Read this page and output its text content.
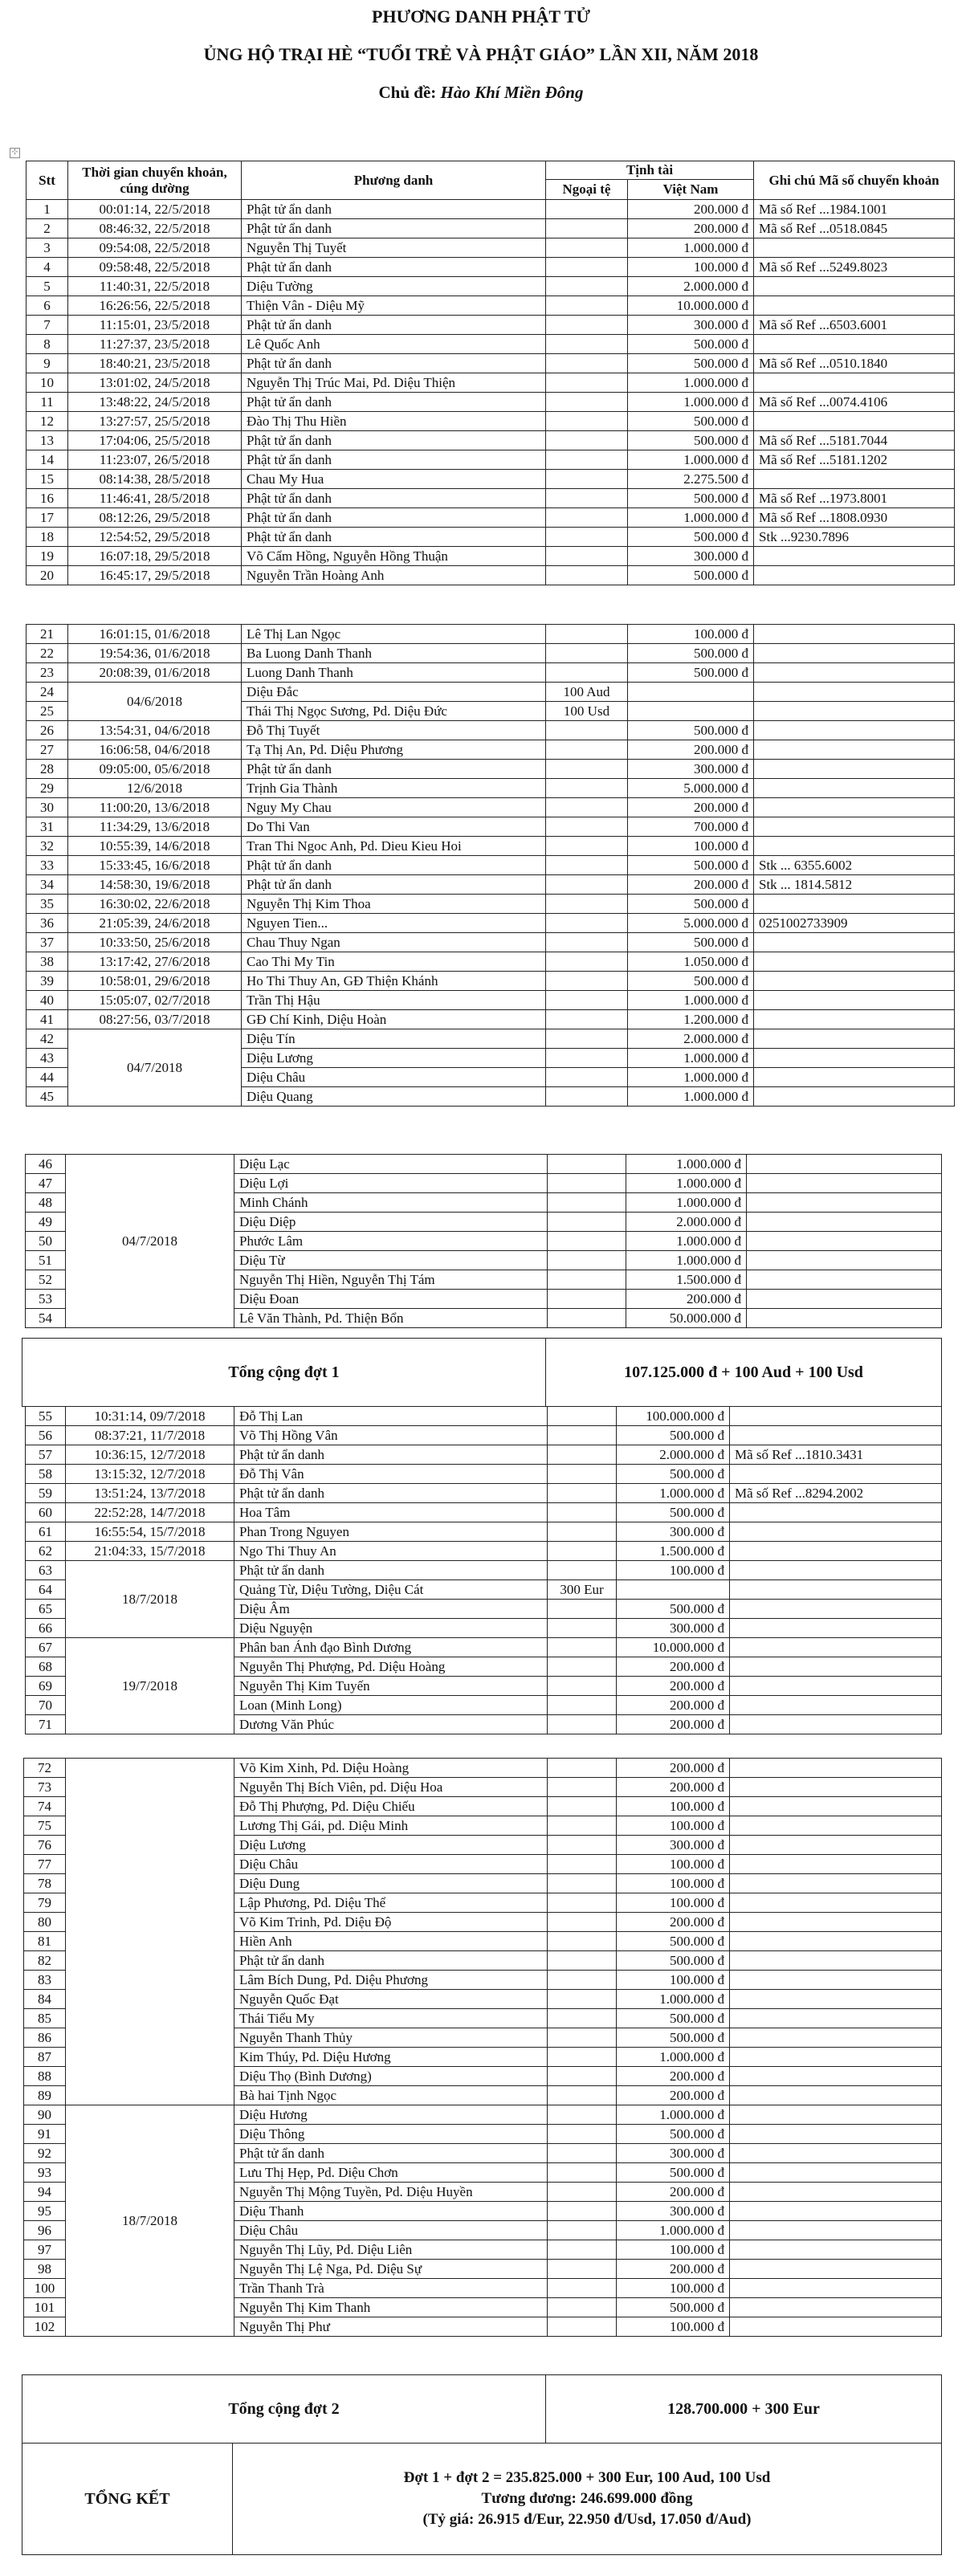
PHƯƠNG DANH PHẬT TỬ
ỦNG HỘ TRẠI HÈ “TUỔI TRẺ VÀ PHẬT GIÁO” LẦN XII, NĂM 2018
Chủ đề: Hào Khí Miền Đông
⊹
Stt	Thời gian chuyển khoản, cúng dường	Phương danh	Tịnh tài		Ghi chú Mã số chuyển khoản
			Ngoại tệ	Việt Nam	
1	00:01:14, 22/5/2018	Phật tử ẩn danh		200.000 đ	Mã số Ref ...1984.1001
2	08:46:32, 22/5/2018	Phật tử ẩn danh		200.000 đ	Mã số Ref ...0518.0845
3	09:54:08, 22/5/2018	Nguyễn Thị Tuyết		1.000.000 đ	
4	09:58:48, 22/5/2018	Phật tử ẩn danh		100.000 đ	Mã số Ref ...5249.8023
5	11:40:31, 22/5/2018	Diệu Tường		2.000.000 đ	
6	16:26:56, 22/5/2018	Thiện Vân - Diệu Mỹ		10.000.000 đ	
7	11:15:01, 23/5/2018	Phật tử ẩn danh		300.000 đ	Mã số Ref ...6503.6001
8	11:27:37, 23/5/2018	Lê Quốc Anh		500.000 đ	
9	18:40:21, 23/5/2018	Phật tử ẩn danh		500.000 đ	Mã số Ref ...0510.1840
10	13:01:02, 24/5/2018	Nguyễn Thị Trúc Mai, Pd. Diệu Thiện		1.000.000 đ	
11	13:48:22, 24/5/2018	Phật tử ẩn danh		1.000.000 đ	Mã số Ref ...0074.4106
12	13:27:57, 25/5/2018	Đào Thị Thu Hiền		500.000 đ	
13	17:04:06, 25/5/2018	Phật tử ẩn danh		500.000 đ	Mã số Ref ...5181.7044
14	11:23:07, 26/5/2018	Phật tử ẩn danh		1.000.000 đ	Mã số Ref ...5181.1202
15	08:14:38, 28/5/2018	Chau My Hua		2.275.500 đ	
16	11:46:41, 28/5/2018	Phật tử ẩn danh		500.000 đ	Mã số Ref ...1973.8001
17	08:12:26, 29/5/2018	Phật tử ẩn danh		1.000.000 đ	Mã số Ref ...1808.0930
18	12:54:52, 29/5/2018	Phật tử ẩn danh		500.000 đ	Stk ...9230.7896
19	16:07:18, 29/5/2018	Võ Cẩm Hồng, Nguyễn Hồng Thuận		300.000 đ	
20	16:45:17, 29/5/2018	Nguyễn Trần Hoàng Anh		500.000 đ	
21	16:01:15, 01/6/2018	Lê Thị Lan Ngọc		100.000 đ	
22	19:54:36, 01/6/2018	Ba Luong Danh Thanh		500.000 đ	
23	20:08:39, 01/6/2018	Luong Danh Thanh		500.000 đ	
24	04/6/2018	Diệu Đắc	100 Aud		
25		Thái Thị Ngọc Sương, Pd. Diệu Đức	100 Usd		
26	13:54:31, 04/6/2018	Đỗ Thị Tuyết		500.000 đ	
27	16:06:58, 04/6/2018	Tạ Thị An, Pd. Diệu Phương		200.000 đ	
28	09:05:00, 05/6/2018	Phật tử ẩn danh		300.000 đ	
29	12/6/2018	Trịnh Gia Thành		5.000.000 đ	
30	11:00:20, 13/6/2018	Nguy My Chau		200.000 đ	
31	11:34:29, 13/6/2018	Do Thi Van		700.000 đ	
32	10:55:39, 14/6/2018	Tran Thi Ngoc Anh, Pd. Dieu Kieu Hoi		100.000 đ	
33	15:33:45, 16/6/2018	Phật tử ẩn danh		500.000 đ	Stk ... 6355.6002
34	14:58:30, 19/6/2018	Phật tử ẩn danh		200.000 đ	Stk ... 1814.5812
35	16:30:02, 22/6/2018	Nguyễn Thị Kim Thoa		500.000 đ	
36	21:05:39, 24/6/2018	Nguyen Tien...		5.000.000 đ	0251002733909
37	10:33:50, 25/6/2018	Chau Thuy Ngan		500.000 đ	
38	13:17:42, 27/6/2018	Cao Thi My Tin		1.050.000 đ	
39	10:58:01, 29/6/2018	Ho Thi Thuy An, GĐ Thiện Khánh		500.000 đ	
40	15:05:07, 02/7/2018	Trần Thị Hậu		1.000.000 đ	
41	08:27:56, 03/7/2018	GĐ Chí Kinh, Diệu Hoàn		1.200.000 đ	
42	04/7/2018	Diệu Tín		2.000.000 đ	
43		Diệu Lương		1.000.000 đ	
44		Diệu Châu		1.000.000 đ	
45		Diệu Quang		1.000.000 đ	
46	04/7/2018	Diệu Lạc		1.000.000 đ	
47		Diệu Lợi		1.000.000 đ	
48		Minh Chánh		1.000.000 đ	
49		Diệu Diệp		2.000.000 đ	
50		Phước Lâm		1.000.000 đ	
51		Diệu Từ		1.000.000 đ	
52		Nguyễn Thị Hiền, Nguyễn Thị Tám		1.500.000 đ	
53		Diệu Đoan		200.000 đ	
54		Lê Văn Thành, Pd. Thiện Bổn		50.000.000 đ	
55	10:31:14, 09/7/2018	Đỗ Thị Lan		100.000.000 đ	
56	08:37:21, 11/7/2018	Võ Thị Hồng Vân		500.000 đ	
57	10:36:15, 12/7/2018	Phật tử ẩn danh		2.000.000 đ	Mã số Ref ...1810.3431
58	13:15:32, 12/7/2018	Đỗ Thị Vân		500.000 đ	
59	13:51:24, 13/7/2018	Phật tử ẩn danh		1.000.000 đ	Mã số Ref ...8294.2002
60	22:52:28, 14/7/2018	Hoa Tâm		500.000 đ	
61	16:55:54, 15/7/2018	Phan Trong Nguyen		300.000 đ	
62	21:04:33, 15/7/2018	Ngo Thi Thuy An		1.500.000 đ	
63	18/7/2018	Phật tử ẩn danh		100.000 đ	
64		Quảng Từ, Diệu Tường, Diệu Cát	300 Eur		
65		Diệu Âm		500.000 đ	
66		Diệu Nguyện		300.000 đ	
67	19/7/2018	Phân ban Ánh đạo Bình Dương		10.000.000 đ	
68		Nguyễn Thị Phượng, Pd. Diệu Hoàng		200.000 đ	
69		Nguyễn Thị Kim Tuyến		200.000 đ	
70		Loan (Minh Long)		200.000 đ	
71		Dương Văn Phúc		200.000 đ	
72		Võ Kim Xinh, Pd. Diệu Hoàng		200.000 đ	
73		Nguyễn Thị Bích Viên, pd. Diệu Hoa		200.000 đ	
74		Đỗ Thị Phượng, Pd. Diệu Chiếu		100.000 đ	
75		Lương Thị Gái, pd. Diệu Minh		100.000 đ	
76		Diệu Lương		300.000 đ	
77		Diệu Châu		100.000 đ	
78		Diệu Dung		100.000 đ	
79		Lập Phương, Pd. Diệu Thể		100.000 đ	
80		Võ Kim Trinh, Pd. Diệu Độ		200.000 đ	
81		Hiền Anh		500.000 đ	
82		Phật tử ẩn danh		500.000 đ	
83		Lâm Bích Dung, Pd. Diệu Phương		100.000 đ	
84		Nguyễn Quốc Đạt		1.000.000 đ	
85		Thái Tiểu My		500.000 đ	
86		Nguyễn Thanh Thủy		500.000 đ	
87		Kim Thúy, Pd. Diệu Hương		1.000.000 đ	
88		Diệu Thọ (Bình Dương)		200.000 đ	
89		Bà hai Tịnh Ngọc		200.000 đ	
90	18/7/2018	Diệu Hương		1.000.000 đ	
91		Diệu Thông		500.000 đ	
92		Phật tử ẩn danh		300.000 đ	
93		Lưu Thị Hẹp, Pd. Diệu Chơn		500.000 đ	
94		Nguyễn Thị Mộng Tuyền, Pd. Diệu Huyền		200.000 đ	
95		Diệu Thanh		300.000 đ	
96		Diệu Châu		1.000.000 đ	
97		Nguyễn Thị Lũy, Pd. Diệu Liên		100.000 đ	
98		Nguyễn Thị Lệ Nga, Pd. Diệu Sự		200.000 đ	
100		Trần Thanh Trà		100.000 đ	
101		Nguyễn Thị Kim Thanh		500.000 đ	
102		Nguyễn Thị Phư		100.000 đ	
Tổng cộng đợt 1	107.125.000 đ + 100 Aud + 100 Usd
Tổng cộng đợt 2	128.700.000 + 300 Eur
TỔNG KẾT
Đợt 1 + đợt 2 = 235.825.000 + 300 Eur, 100 Aud, 100 Usd
Tương đương: 246.699.000 đồng
(Tỷ giá: 26.915 đ/Eur, 22.950 đ/Usd, 17.050 đ/Aud)
